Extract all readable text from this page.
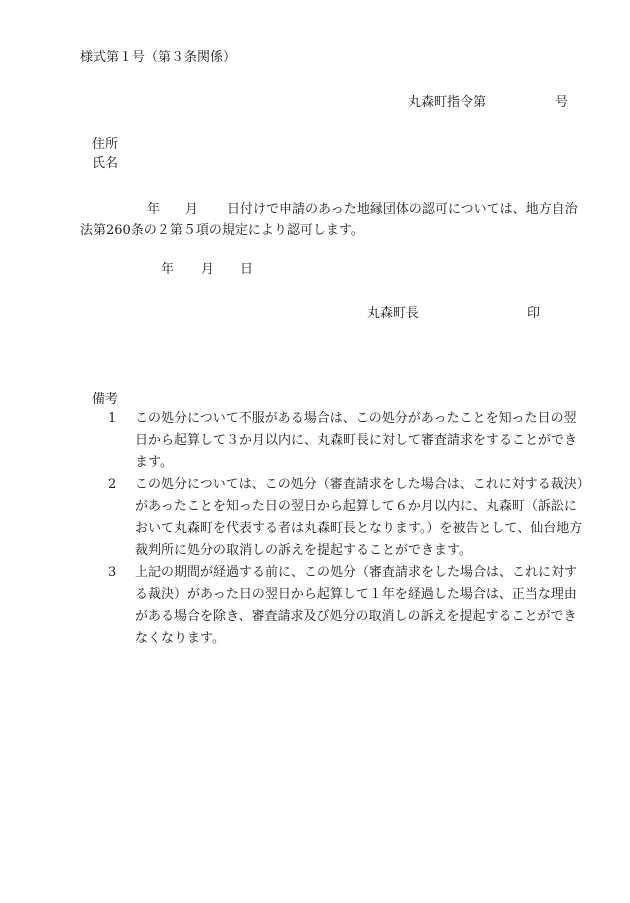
様式第１号（第３条関係）
丸森町指令第	号
住所
氏名
年 月 日付けで申請のあった地縁団体の認可については、地方自治
法第260条の２第５項の規定により認可します。
年 月 日
丸森町長	印
備考
1	この処分について不服がある場合は、この処分があったことを知った日の翌日から起算して３か月以内に、丸森町長に対して審査請求をすることができます。
2	この処分については、この処分（審査請求をした場合は、これに対する裁決）があったことを知った日の翌日から起算して６か月以内に、丸森町（訴訟において丸森町を代表する者は丸森町長となります。）を被告として、仙台地方裁判所に処分の取消しの訴えを提起することができます。
3	上記の期間が経過する前に、この処分（審査請求をした場合は、これに対する裁決）があった日の翌日から起算して１年を経過した場合は、正当な理由がある場合を除き、審査請求及び処分の取消しの訴えを提起することができなくなります。
